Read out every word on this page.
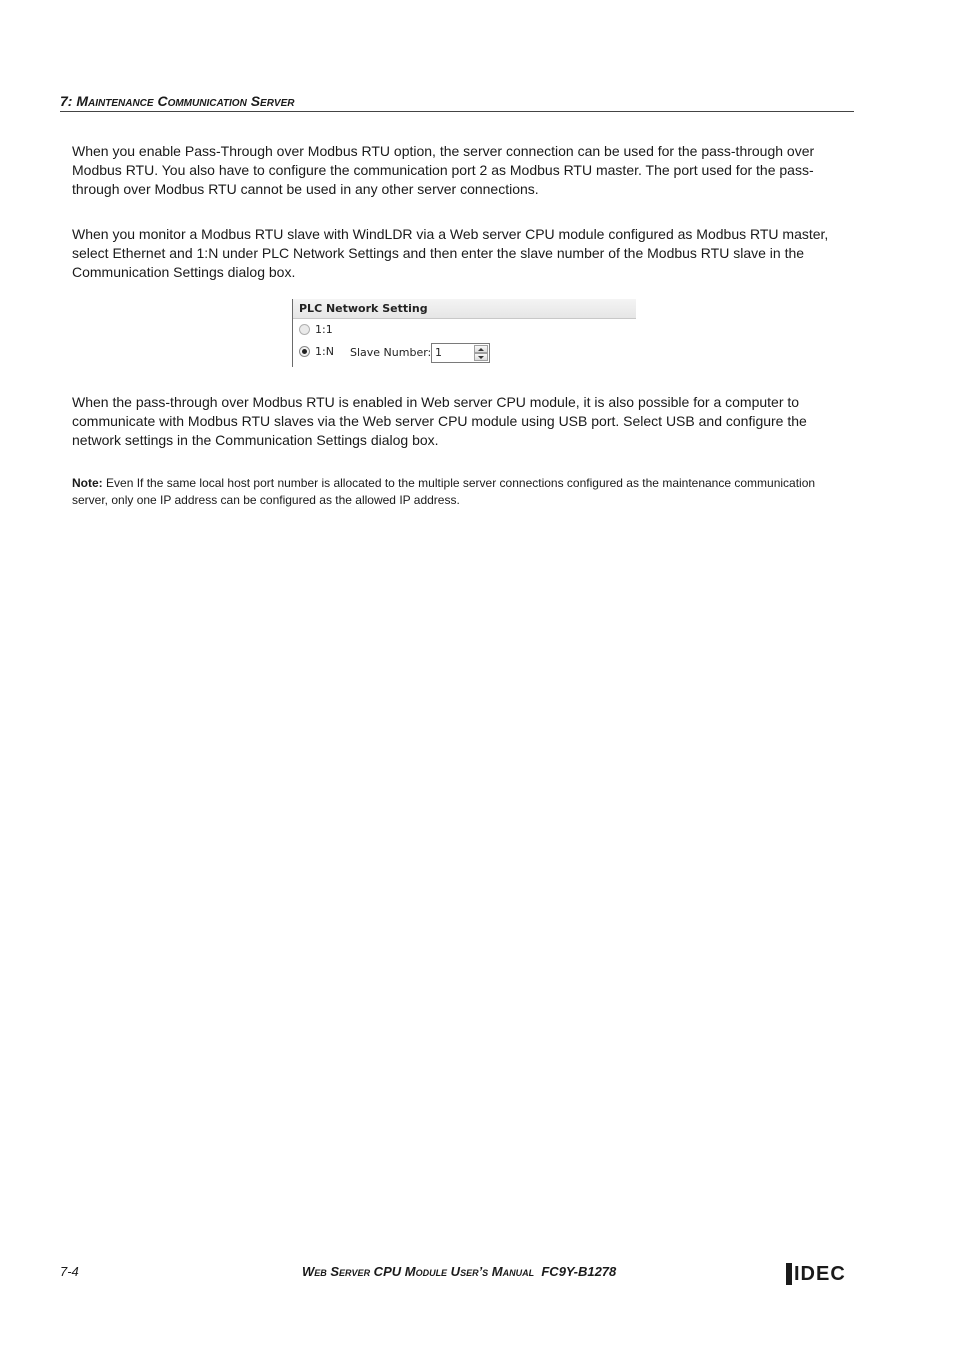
7: Maintenance Communication Server

When you enable Pass-Through over Modbus RTU option, the server connection can be used for the pass-through over Modbus RTU. You also have to configure the communication port 2 as Modbus RTU master. The port used for the pass-through over Modbus RTU cannot be used in any other server connections.

When you monitor a Modbus RTU slave with WindLDR via a Web server CPU module configured as Modbus RTU master, select Ethernet and 1:N under PLC Network Settings and then enter the slave number of the Modbus RTU slave in the Communication Settings dialog box.

PLC Network Setting
1:1
1:N Slave Number:
1

When the pass-through over Modbus RTU is enabled in Web server CPU module, it is also possible for a computer to communicate with Modbus RTU slaves via the Web server CPU module using USB port. Select USB and configure the network settings in the Communication Settings dialog box.

Note: Even If the same local host port number is allocated to the multiple server connections configured as the maintenance communication server, only one IP address can be configured as the allowed IP address.

7-4	Web Server CPU Module User’s Manual FC9Y-B1278	IDEC
